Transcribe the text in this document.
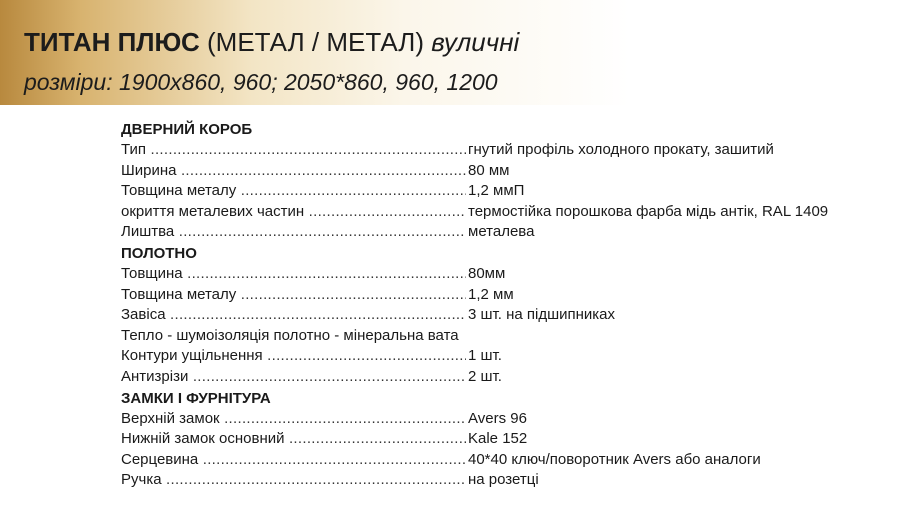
ТИТАН ПЛЮС (МЕТАЛ / МЕТАЛ) вуличні
розміри: 1900х860, 960; 2050*860, 960, 1200
ДВЕРНИЙ КОРОБ
Тип .....	гнутий профіль холодного прокату, зашитий
Ширина .....	80 мм
Товщина металу .....	1,2 ммП
окриття металевих частин .....	термостійка порошкова фарба мідь антік, RAL 1409
Лиштва .....	металева
ПОЛОТНО
Товщина .....	80мм
Товщина металу .....	1,2 мм
Завіса .....	3 шт. на підшипниках
Тепло - шумоізоляція полотно - мінеральна вата
Контури ущільнення .....	1 шт.
Антизрізи .....	2 шт.
ЗАМКИ І ФУРНІТУРА
Верхній замок .....	Avers 96
Нижній замок основний .....	Kale 152
Серцевина .....	40*40 ключ/поворотник Avers або аналоги
Ручка .....	на розетці
